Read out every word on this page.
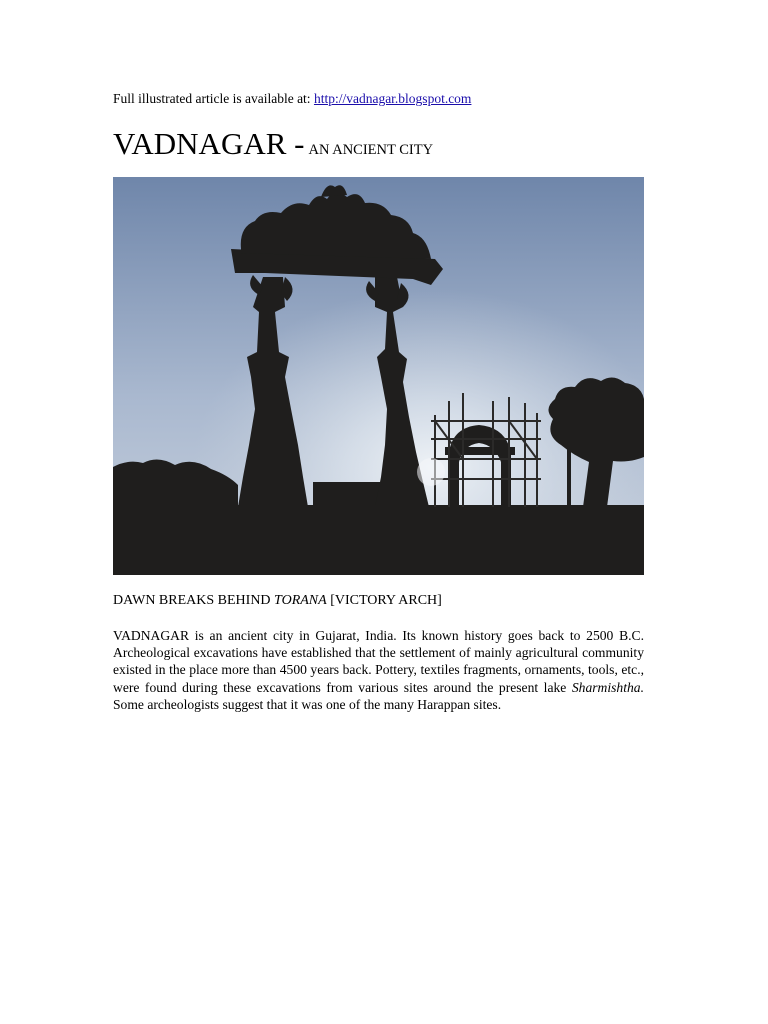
Full illustrated article is available at: http://vadnagar.blogspot.com
VADNAGAR - AN ANCIENT CITY
DAWN BREAKS BEHIND TORANA [VICTORY ARCH]
VADNAGAR is an ancient city in Gujarat, India. Its known history goes back to 2500 B.C. Archeological excavations have established that the settlement of mainly agricultural community existed in the place more than 4500 years back. Pottery, textiles fragments, ornaments, tools, etc., were found during these excavations from various sites around the present lake Sharmishtha. Some archeologists suggest that it was one of the many Harappan sites.
